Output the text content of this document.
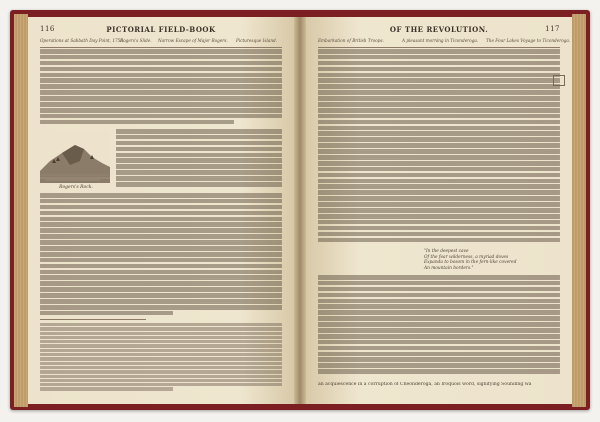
116	PICTORIAL FIELD-BOOK
Operations at Sabbath Day Point, 1756.
Rogers's Slide. Narrow Escape of Major Rogers. Picturesque Island.
Rogers's Rock.
OF THE REVOLUTION.	117
Embarkation of British Troops.	A pleasant morning in Ticonderoga. The Four Lakes Voyage to Ticonderoga.
"In the deepest cave
Of the fear wilderness, a myriad doves
Expanda to bosom in the fern-like covered
An mountain borders."
an acquiescence in a corruption of Cheonderoga, an Iroquois word, signifying Sounding wa
